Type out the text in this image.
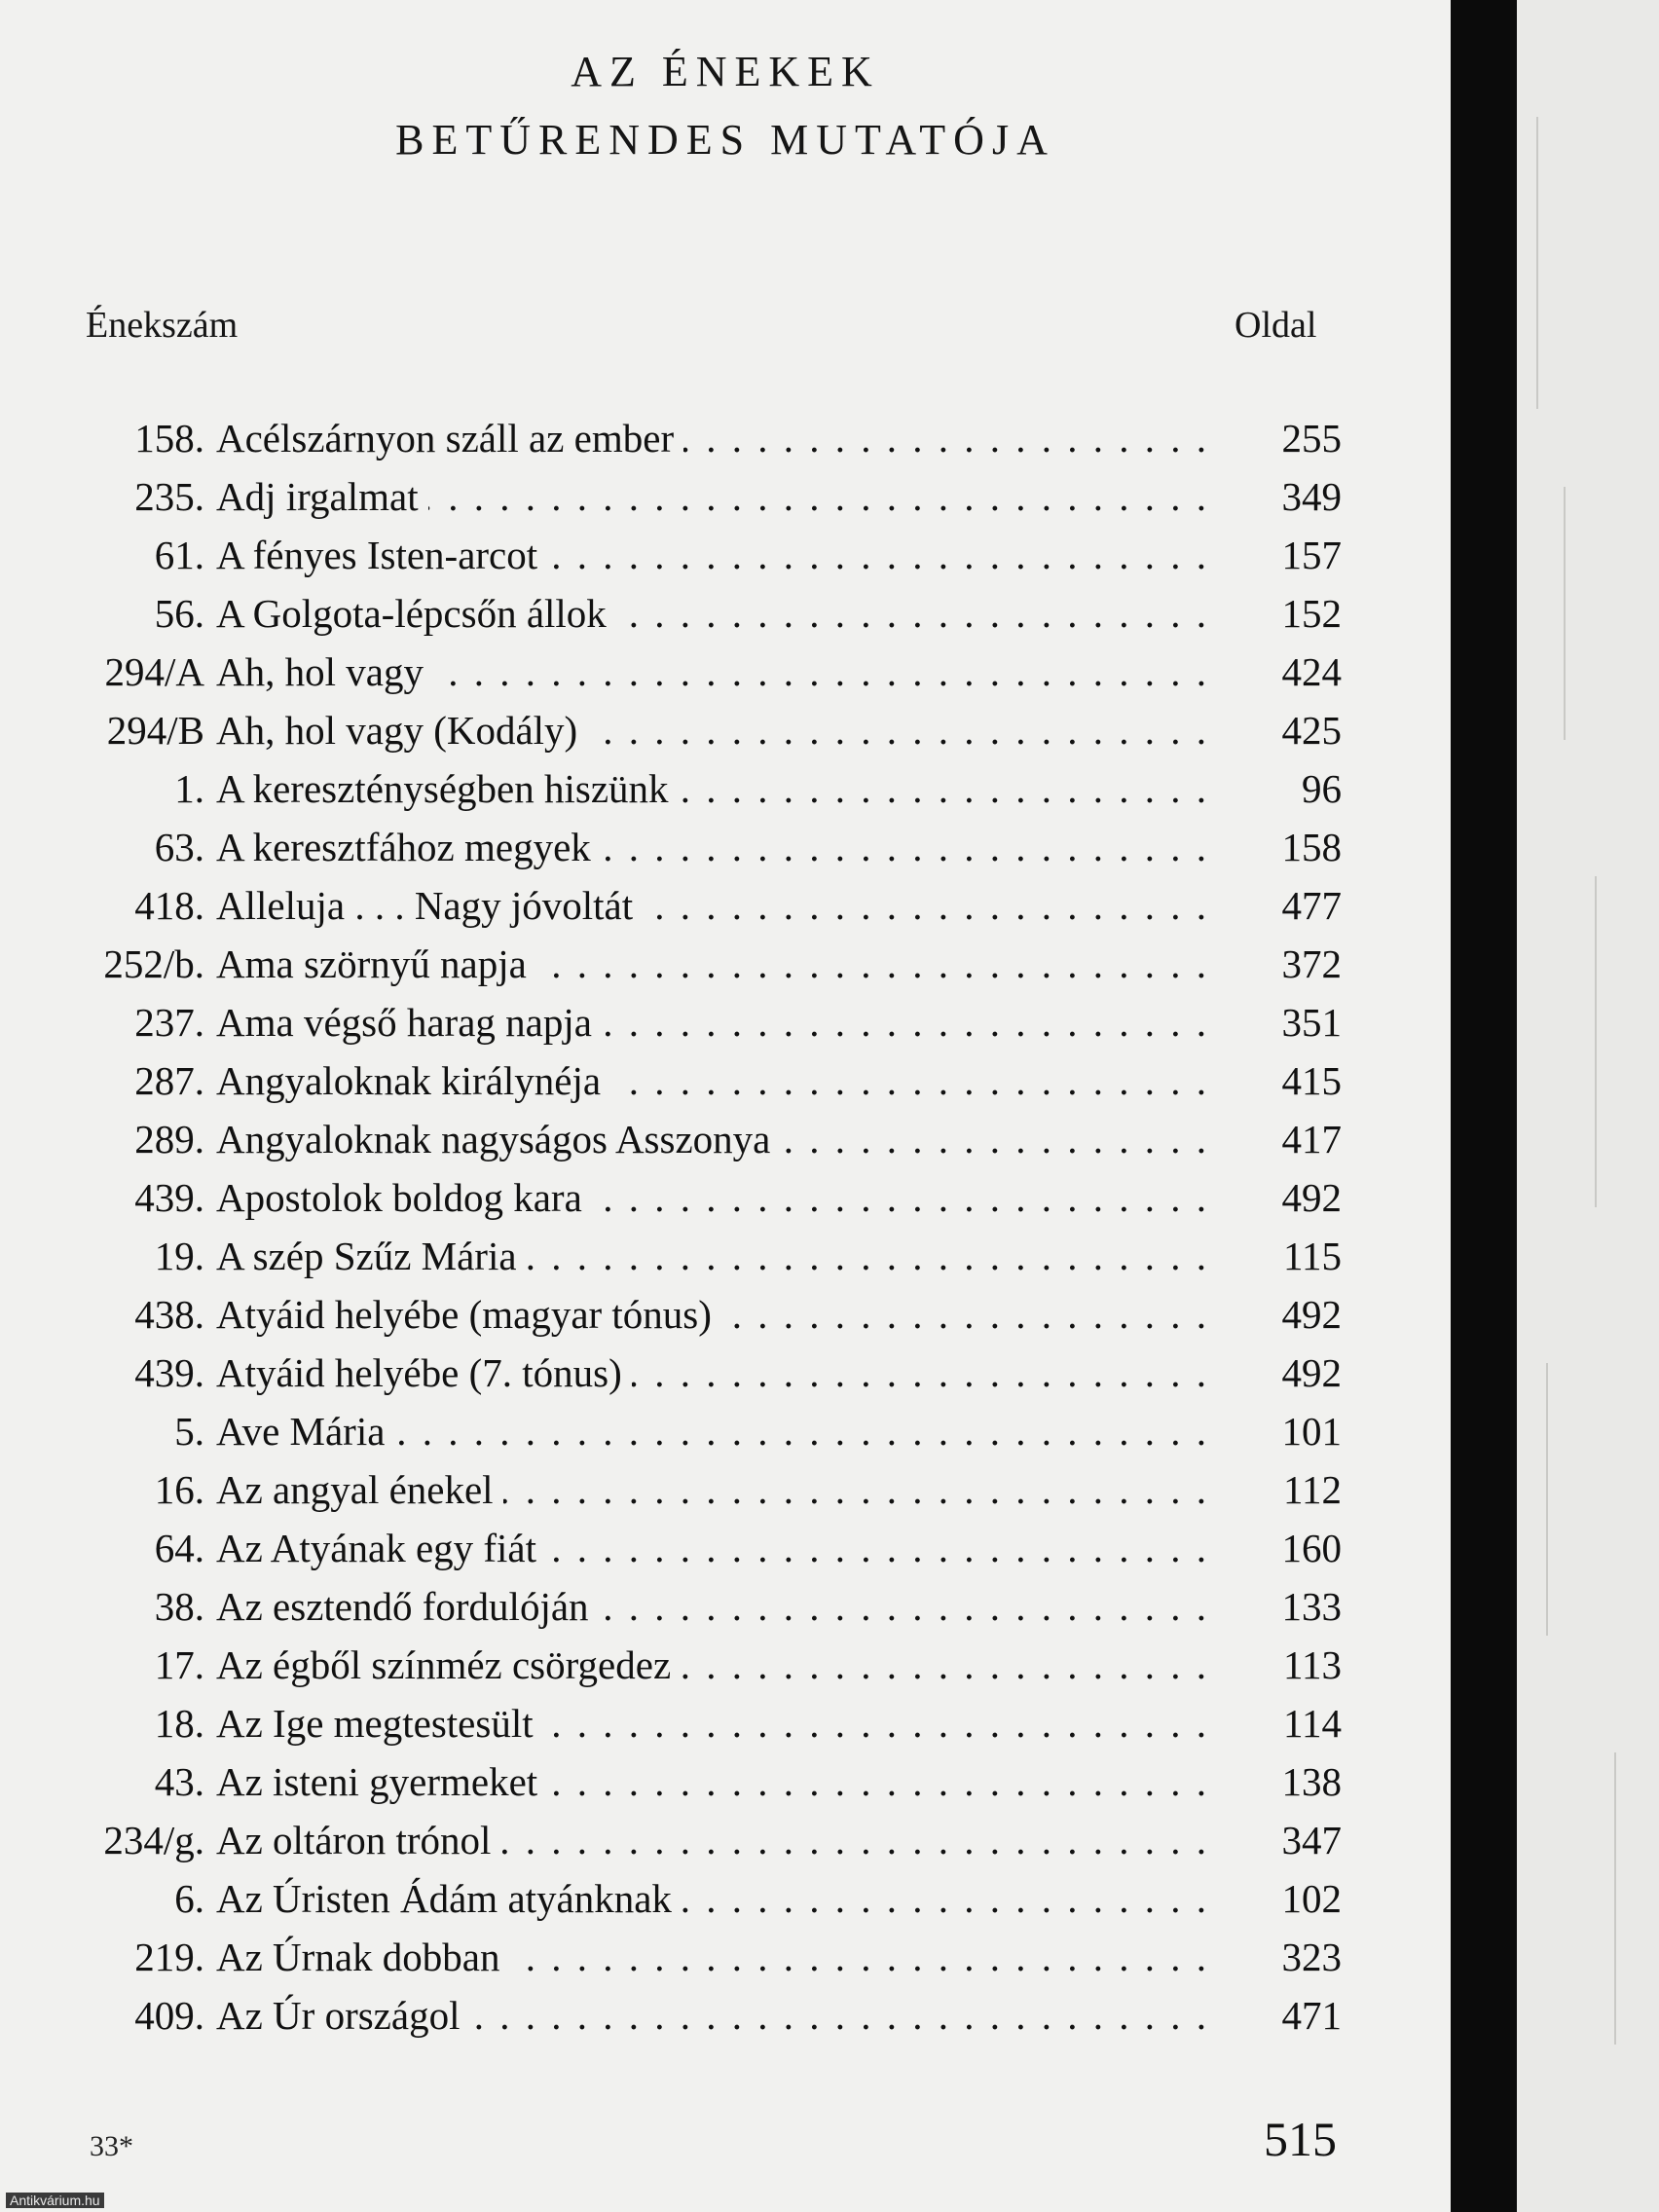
AZ ÉNEKEK
BETŰRENDES MUTATÓJA
Énekszám	Oldal
158. Acélszárnyon száll az ember . . .	255
235. Adj irgalmat . . .	349
61. A fényes Isten-arcot . . .	157
56. A Golgota-lépcsőn állok . . .	152
294/A Ah, hol vagy . . .	424
294/B Ah, hol vagy (Kodály) . . .	425
1. A kereszténységben hiszünk . . .	96
63. A keresztfához megyek . . .	158
418. Alleluja . . . Nagy jóvoltát . . .	477
252/b. Ama szörnyű napja . . .	372
237. Ama végső harag napja . . .	351
287. Angyaloknak királynéja . . .	415
289. Angyaloknak nagyságos Asszonya . . .	417
439. Apostolok boldog kara . . .	492
19. A szép Szűz Mária . . .	115
438. Atyáid helyébe (magyar tónus) . . .	492
439. Atyáid helyébe (7. tónus) . . .	492
5. Ave Mária . . .	101
16. Az angyal énekel . . .	112
64. Az Atyának egy fiát . . .	160
38. Az esztendő fordulóján . . .	133
17. Az égből színméz csörgedez . . .	113
18. Az Ige megtestesült . . .	114
43. Az isteni gyermeket . . .	138
234/g. Az oltáron trónol . . .	347
6. Az Úristen Ádám atyánknak . . .	102
219. Az Úrnak dobban . . .	323
409. Az Úr országol . . .	471
33*	515
Antikvárium.hu
